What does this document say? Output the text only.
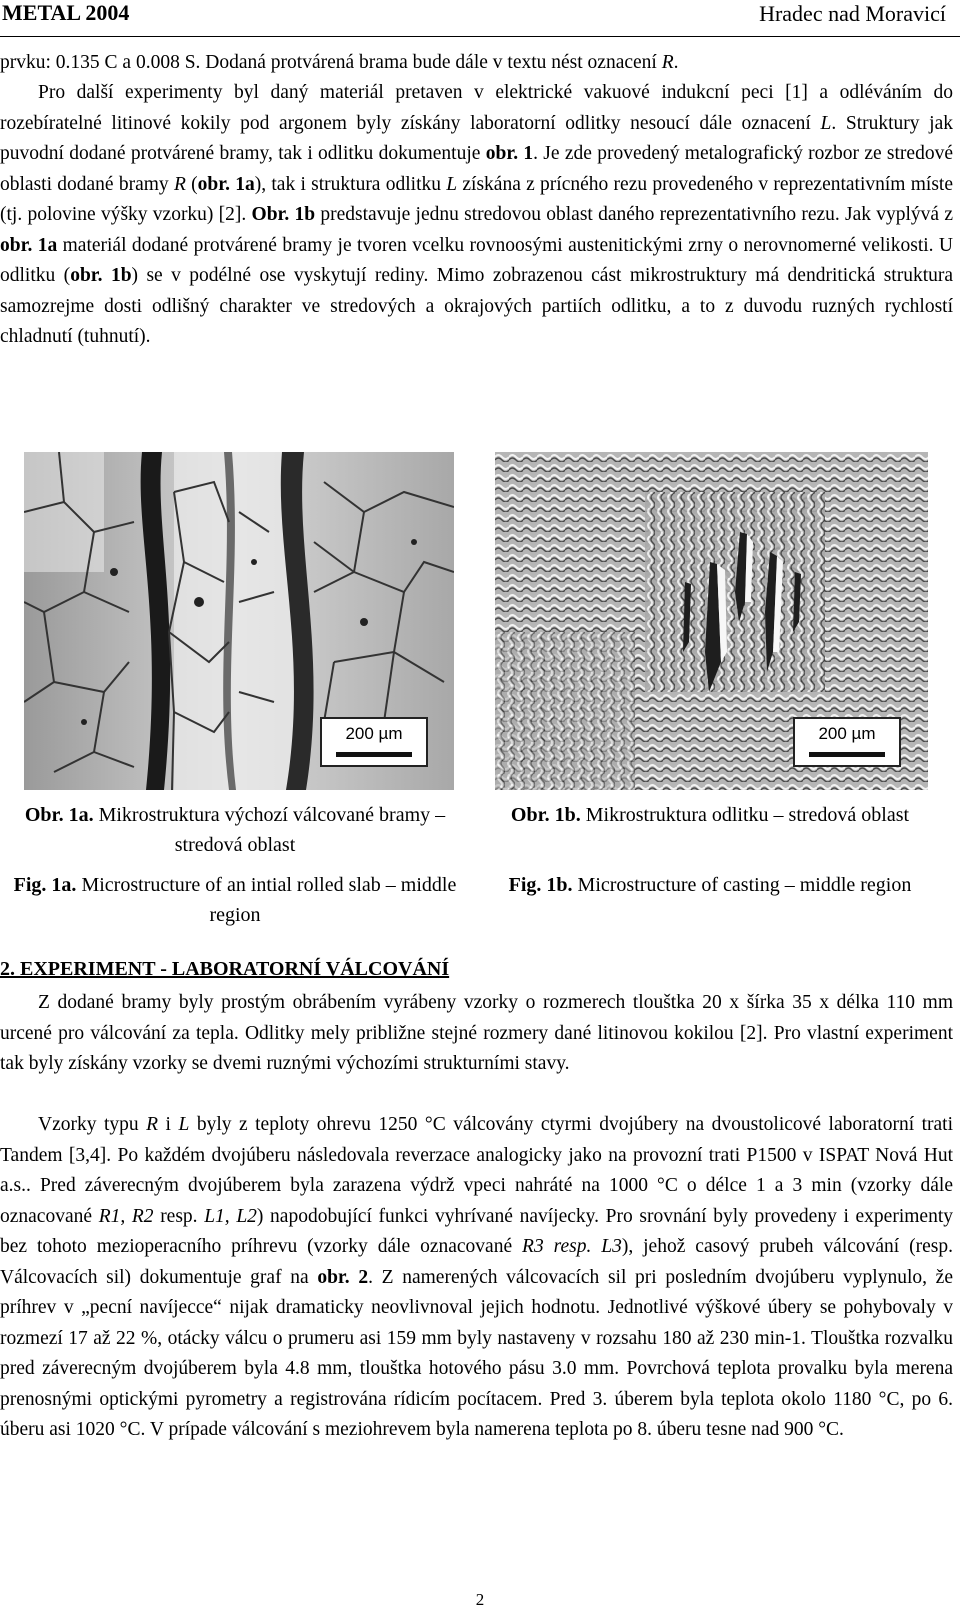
METAL 2004	Hradec nad Moravicí

prvku: 0.135 C a 0.008 S. Dodaná protvárená brama bude dále v textu nést oznacení R.

Pro další experimenty byl daný materiál pretaven v elektrické vakuové indukcní peci [1] a odléváním do rozebíratelné litinové kokily pod argonem byly získány laboratorní odlitky nesoucí dále oznacení L. Struktury jak puvodní dodané protvárené bramy, tak i odlitku dokumentuje obr. 1. Je zde provedený metalografický rozbor ze stredové oblasti dodané bramy R (obr. 1a), tak i struktura odlitku L získána z prícného rezu provedeného v reprezentativním míste (tj. polovine výšky vzorku) [2]. Obr. 1b predstavuje jednu stredovou oblast daného reprezentativního rezu. Jak vyplývá z obr. 1a materiál dodané protvárené bramy je tvoren vcelku rovnoosými austenitickými zrny o nerovnomerné velikosti. U odlitku (obr. 1b) se v podélné ose vyskytují rediny. Mimo zobrazenou cást mikrostruktury má dendritická struktura samozrejme dosti odlišný charakter ve stredových a okrajových partiích odlitku, a to z duvodu ruzných rychlostí chladnutí (tuhnutí).

200 µm	200 µm
Obr. 1a. Mikrostruktura výchozí válcované bramy – stredová oblast
Fig. 1a. Microstructure of an intial rolled slab – middle region
Obr. 1b. Mikrostruktura odlitku – stredová oblast
Fig. 1b. Microstructure of casting – middle region
2. EXPERIMENT - LABORATORNÍ VÁLCOVÁNÍ

Z dodané bramy byly prostým obrábením vyrábeny vzorky o rozmerech tlouštka 20 x šírka 35 x délka 110 mm urcené pro válcování za tepla. Odlitky mely približne stejné rozmery dané litinovou kokilou [2]. Pro vlastní experiment tak byly získány vzorky se dvemi ruznými výchozími strukturními stavy.

Vzorky typu R i L byly z teploty ohrevu 1250 °C válcovány ctyrmi dvojúbery na dvoustolicové laboratorní trati Tandem [3,4]. Po každém dvojúberu následovala reverzace analogicky jako na provozní trati P1500 v ISPAT Nová Hut a.s.. Pred záverecným dvojúberem byla zarazena výdrž vpeci nahráté na 1000 °C o délce 1 a 3 min (vzorky dále oznacované R1, R2 resp. L1, L2) napodobující funkci vyhrívané navíjecky. Pro srovnání byly provedeny i experimenty bez tohoto mezioperacního príhrevu (vzorky dále oznacované R3 resp. L3), jehož casový prubeh válcování (resp. Válcovacích sil) dokumentuje graf na obr. 2. Z namerených válcovacích sil pri posledním dvojúberu vyplynulo, že príhrev v „pecní navíjecce“ nijak dramaticky neovlivnoval jejich hodnotu. Jednotlivé výškové úbery se pohybovaly v rozmezí 17 až 22 %, otácky válcu o prumeru asi 159 mm byly nastaveny v rozsahu 180 až 230 min-1. Tlouštka rozvalku pred záverecným dvojúberem byla 4.8 mm, tlouštka hotového pásu 3.0 mm. Povrchová teplota provalku byla merena prenosnými optickými pyrometry a registrována rídicím pocítacem. Pred 3. úberem byla teplota okolo 1180 °C, po 6. úberu asi 1020 °C. V prípade válcování s meziohrevem byla namerena teplota po 8. úberu tesne nad 900 °C.

2
